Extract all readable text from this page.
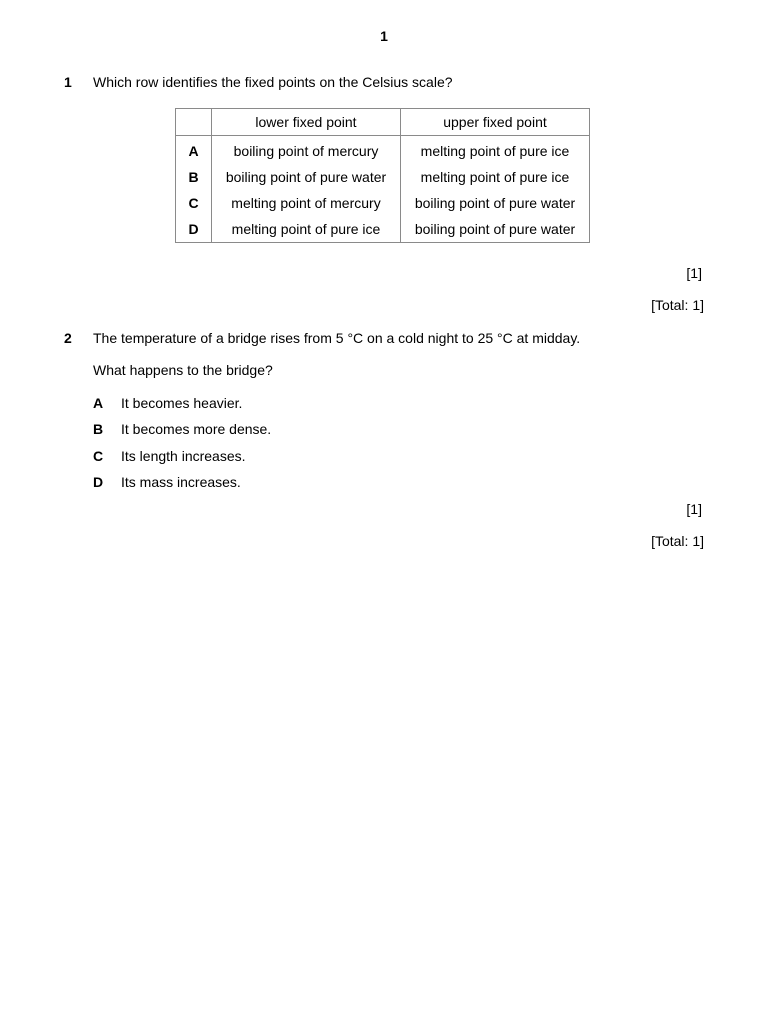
1
1 Which row identifies the fixed points on the Celsius scale?
	lower fixed point	upper fixed point
A	boiling point of mercury	melting point of pure ice
B	boiling point of pure water	melting point of pure ice
C	melting point of mercury	boiling point of pure water
D	melting point of pure ice	boiling point of pure water
[1]
[Total: 1]
2 The temperature of a bridge rises from 5 °C on a cold night to 25 °C at midday.
What happens to the bridge?
A It becomes heavier.
B It becomes more dense.
C Its length increases.
D Its mass increases.
[1]
[Total: 1]
